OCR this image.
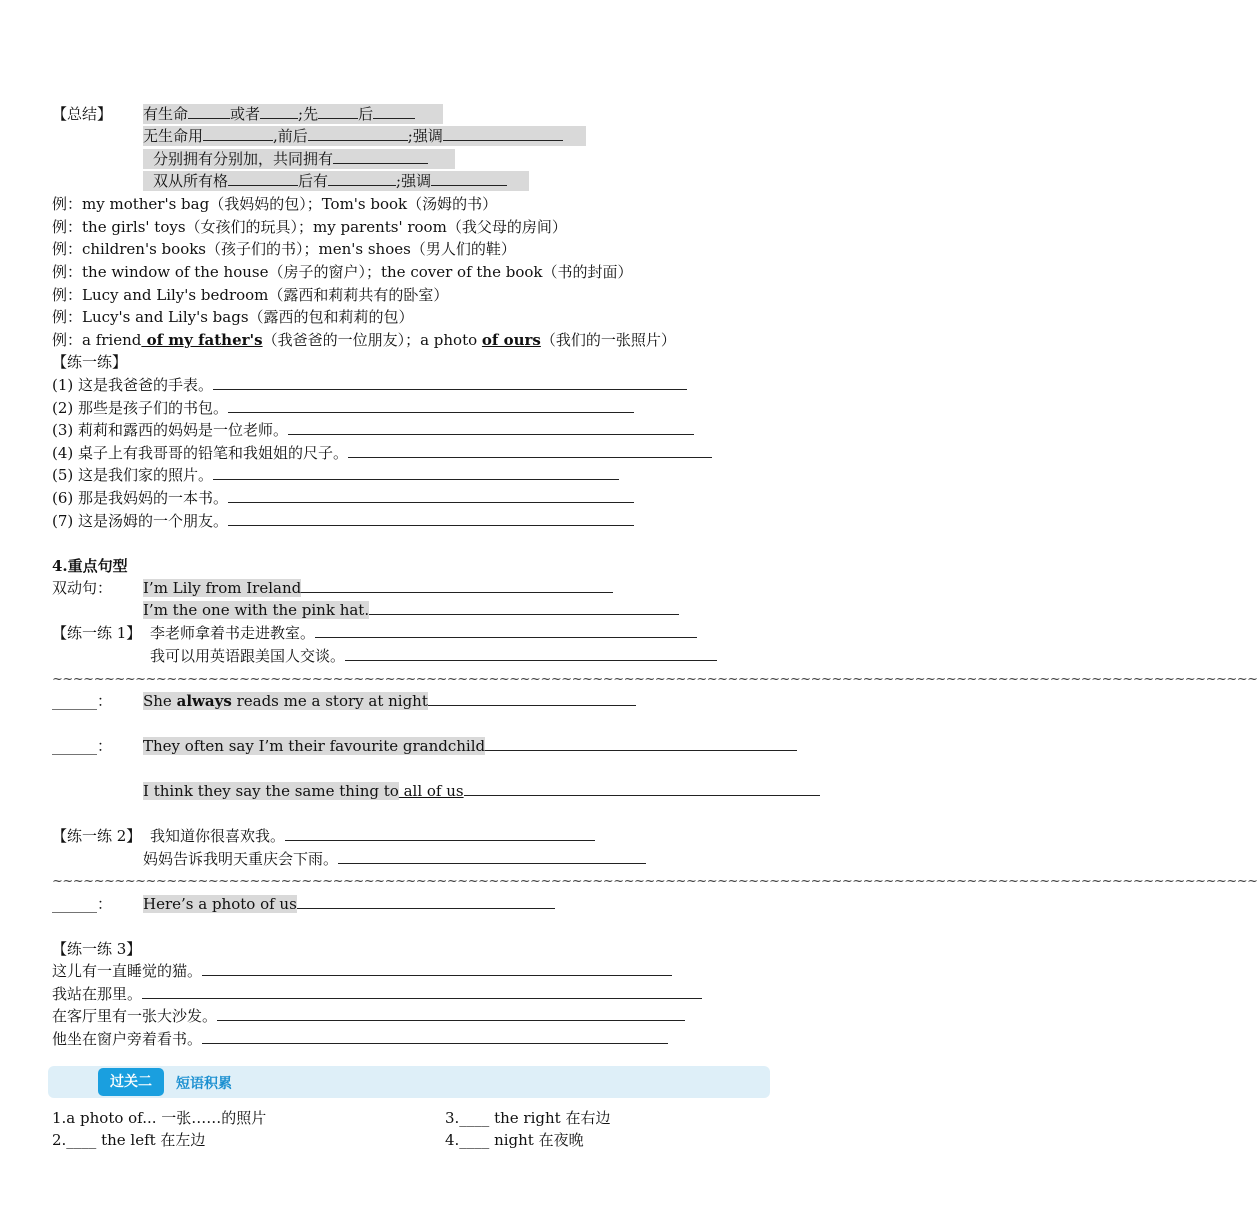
【总结】 有生命	或者	;先	后
无生命用	,前后	;强调
分别拥有分别加，共同拥有
双从所有格	后有	;强调
例：my mother's bag（我妈妈的包）；Tom's book（汤姆的书）
例：the girls' toys（女孩们的玩具）；my parents' room（我父母的房间）
例：children's books（孩子们的书）；men's shoes（男人们的鞋）
例：the window of the house（房子的窗户）；the cover of the book（书的封面）
例：Lucy and Lily's bedroom（露西和莉莉共有的卧室）
例：Lucy's and Lily's bags（露西的包和莉莉的包）
例：a friend of my father's（我爸爸的一位朋友）；a photo of ours（我们的一张照片）
【练一练】
(1) 这是我爸爸的手表。
(2) 那些是孩子们的书包。
(3) 莉莉和露西的妈妈是一位老师。
(4) 桌子上有我哥哥的铅笔和我姐姐的尺子。
(5) 这是我们家的照片。
(6) 那是我妈妈的一本书。
(7) 这是汤姆的一个朋友。
4.重点句型
双动句： I’m Lily from Ireland
I’m the one with the pink hat.
【练一练 1】 李老师拿着书走进教室。
我可以用英语跟美国人交谈。
~~~~~~~~~~~~~~~~~~~~~~~~~~~~~~~~~~~~~~~~~~~~~~~~~~~~~~~~~~~~~~~~~~~~~~~~~~~~~~~~~~~~~~~~~~~~~~~~~~~~~~~~~~~~~~~~~~~~
______： She always reads me a story at night
______： They often say I’m their favourite grandchild
I think they say the same thing to all of us
【练一练 2】 我知道你很喜欢我。
妈妈告诉我明天重庆会下雨。
~~~~~~~~~~~~~~~~~~~~~~~~~~~~~~~~~~~~~~~~~~~~~~~~~~~~~~~~~~~~~~~~~~~~~~~~~~~~~~~~~~~~~~~~~~~~~~~~~~~~~~~~~~~~~~~~~~~~
______： Here’s a photo of us
【练一练 3】
这儿有一直睡觉的猫。
我站在那里。
在客厅里有一张大沙发。
他坐在窗户旁着看书。
过关二	短语积累
1.a photo of... 一张……的照片
2.____ the left 在左边
3.____ the right 在右边
4.____ night 在夜晚
